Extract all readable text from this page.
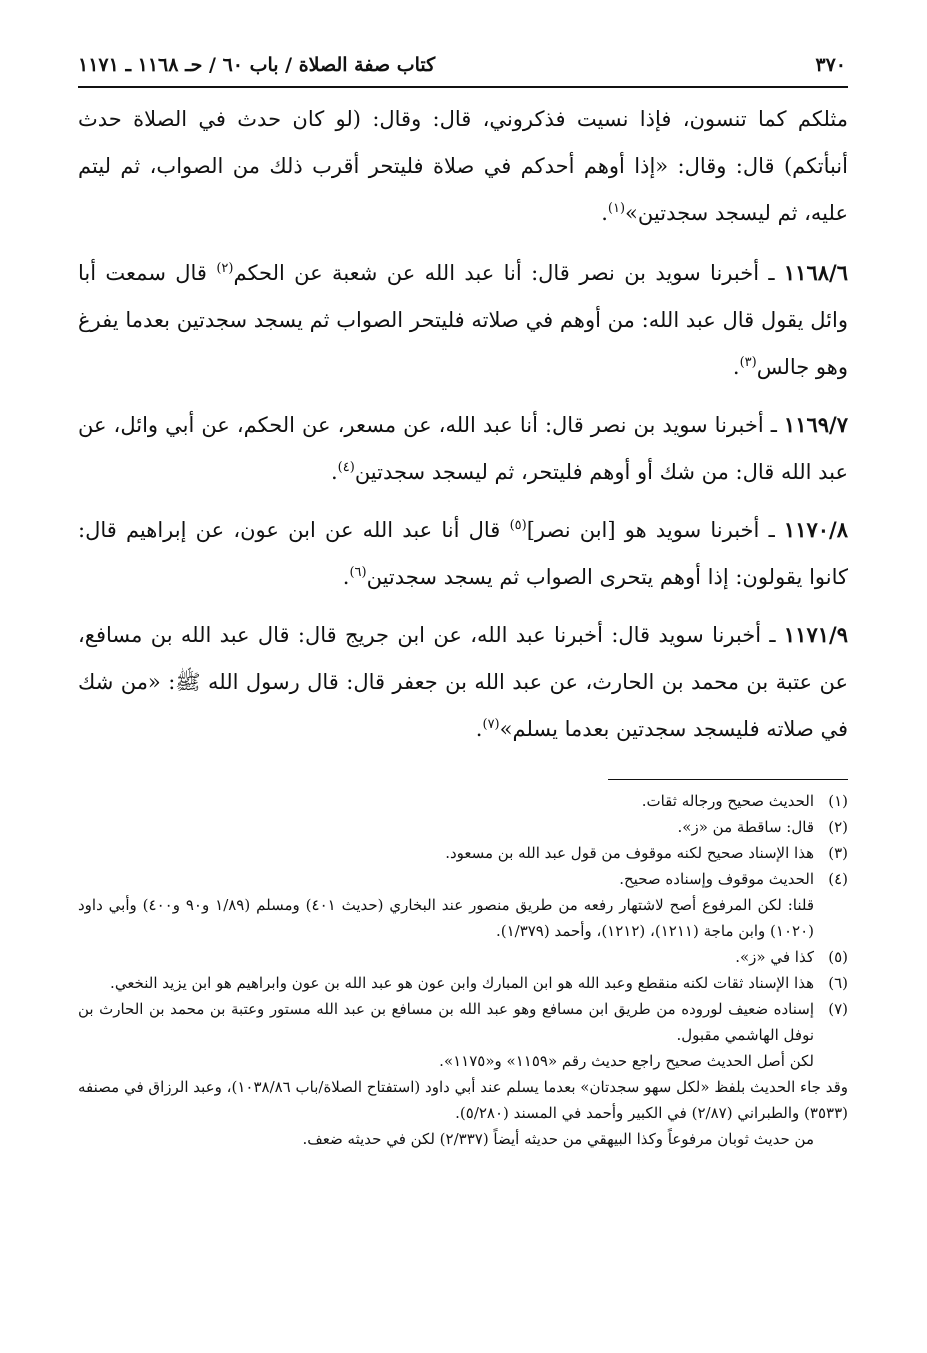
٣٧٠
كتاب صفة الصلاة / باب ٦٠ / حـ ١١٦٨ ـ ١١٧١

مثلكم كما تنسون، فإذا نسيت فذكروني، قال: وقال: (لو كان حدث في الصلاة حدث أنبأتكم) قال: وقال: «إذا أوهم أحدكم في صلاة فليتحر أقرب ذلك من الصواب، ثم ليتم عليه، ثم ليسجد سجدتين»$^{(١)}$.

١١٦٨/٦ ـ أخبرنا سويد بن نصر قال: أنا عبد الله عن شعبة عن الحكم$^{(٢)}$ قال سمعت أبا وائل يقول قال عبد الله: من أوهم في صلاته فليتحر الصواب ثم يسجد سجدتين بعدما يفرغ وهو جالس$^{(٣)}$.

١١٦٩/٧ ـ أخبرنا سويد بن نصر قال: أنا عبد الله، عن مسعر، عن الحكم، عن أبي وائل، عن عبد الله قال: من شك أو أوهم فليتحر، ثم ليسجد سجدتين$^{(٤)}$.

١١٧٠/٨ ـ أخبرنا سويد هو [ابن نصر]$^{(٥)}$ قال أنا عبد الله عن ابن عون، عن إبراهيم قال: كانوا يقولون: إذا أوهم يتحرى الصواب ثم يسجد سجدتين$^{(٦)}$.

١١٧١/٩ ـ أخبرنا سويد قال: أخبرنا عبد الله، عن ابن جريج قال: قال عبد الله بن مسافع، عن عتبة بن محمد بن الحارث، عن عبد الله بن جعفر قال: قال رسول الله ﷺ: «من شك في صلاته فليسجد سجدتين بعدما يسلم»$^{(٧)}$.

(١)
الحديث صحيح ورجاله ثقات.
(٢)
قال: ساقطة من «ز».
(٣)
هذا الإسناد صحيح لكنه موقوف من قول عبد الله بن مسعود.
(٤)
الحديث موقوف وإسناده صحيح.
قلنا: لكن المرفوع أصح لاشتهار رفعه من طريق منصور عند البخاري (حديث ٤٠١) ومسلم (١/٨٩ و٩٠ و٤٠٠) وأبي داود (١٠٢٠) وابن ماجة (١٢١١)، (١٢١٢)، وأحمد (١/٣٧٩).
(٥)
كذا في «ز».
(٦)
هذا الإسناد ثقات لكنه منقطع وعبد الله هو ابن المبارك وابن عون هو عبد الله بن عون وابراهيم هو ابن يزيد النخعي.
(٧)
إسناده ضعيف لوروده من طريق ابن مسافع وهو عبد الله بن مسافع بن عبد الله مستور وعتبة بن محمد بن الحارث بن نوفل الهاشمي مقبول.

لكن أصل الحديث صحيح راجع حديث رقم «١١٥٩» و«١١٧٥».

وقد جاء الحديث بلفظ «لكل سهو سجدتان» بعدما يسلم عند أبي داود (استفتاح الصلاة/باب ١٠٣٨/٨٦)، وعبد الرزاق في مصنفه (٣٥٣٣) والطبراني (٢/٨٧) في الكبير وأحمد في المسند (٥/٢٨٠).

من حديث ثوبان مرفوعاً وكذا البيهقي من حديثه أيضاً (٢/٣٣٧) لكن في حديثه ضعف.
